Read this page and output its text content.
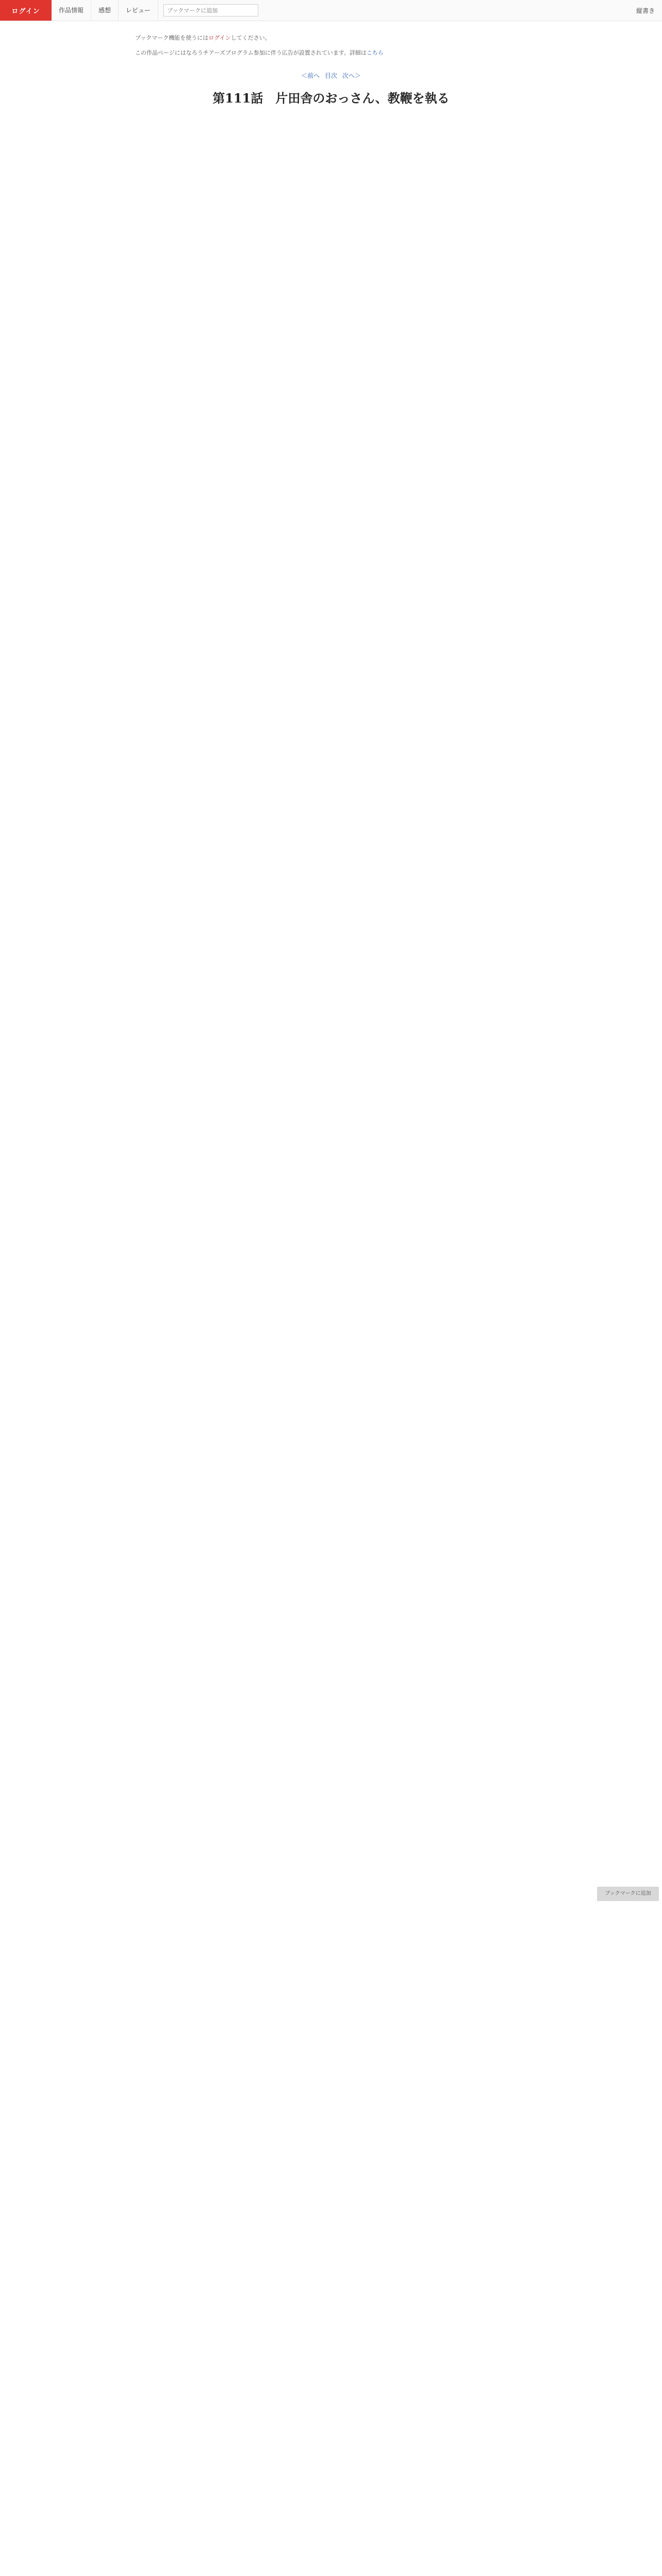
ログイン	作品情報	感想	レビュー
ブックマークに追加	縦書き
ブックマーク機能を使うにはログインしてください。
この作品ページにはなろうチアーズプログラム参加に伴う広告が設置されています。詳細はこちら
＜前へ 目次 次へ＞
第111話　片田舎のおっさん、教鞭を執る
ブックマークに追加
